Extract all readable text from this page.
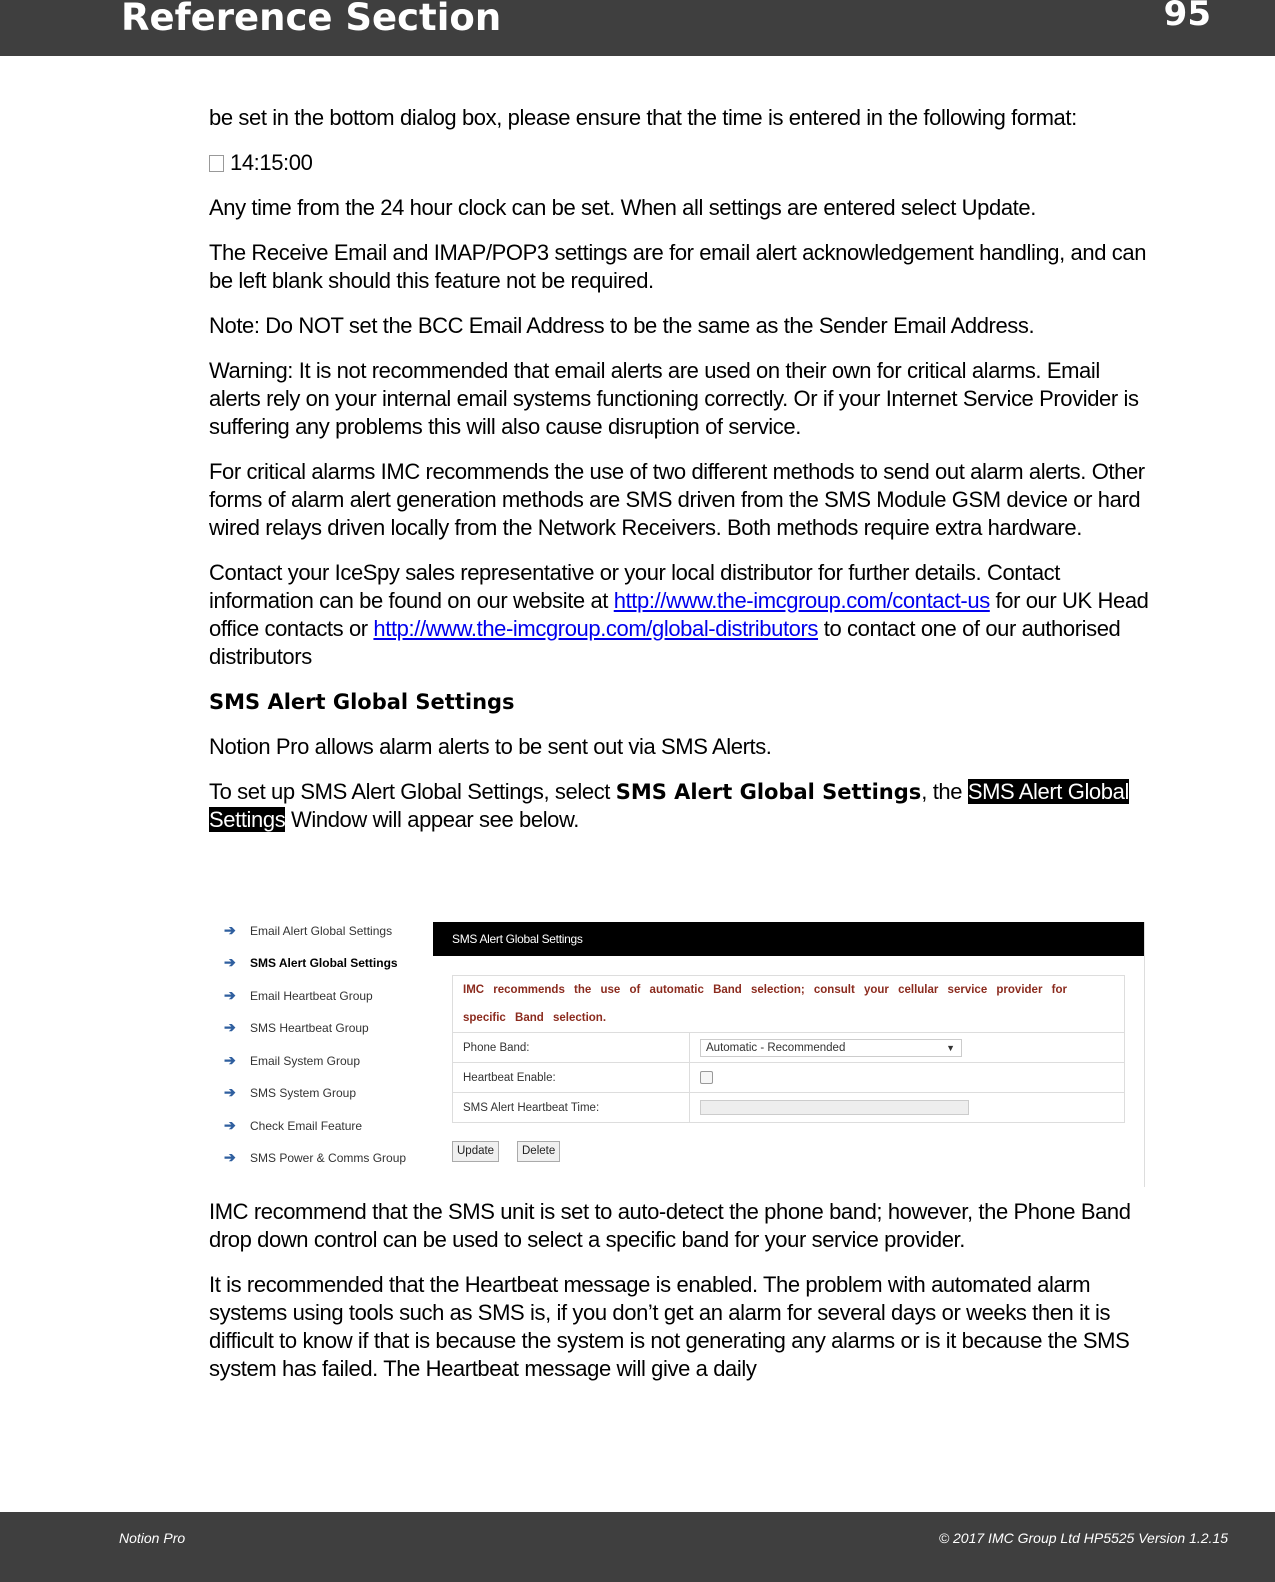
Reference Section	95

be set in the bottom dialog box, please ensure that the time is entered in the following format:

14:15:00

Any time from the 24 hour clock can be set. When all settings are entered select Update.

The Receive Email and IMAP/POP3 settings are for email alert acknowledgement handling, and can be left blank should this feature not be required.

Note: Do NOT set the BCC Email Address to be the same as the Sender Email Address.

Warning: It is not recommended that email alerts are used on their own for critical alarms. Email alerts rely on your internal email systems functioning correctly. Or if your Internet Service Provider is suffering any problems this will also cause disruption of service.

For critical alarms IMC recommends the use of two different methods to send out alarm alerts. Other forms of alarm alert generation methods are SMS driven from the SMS Module GSM device or hard wired relays driven locally from the Network Receivers. Both methods require extra hardware.

Contact your IceSpy sales representative or your local distributor for further details. Contact information can be found on our website at http://www.the-imcgroup.com/contact-us for our UK Head office contacts or http://www.the-imcgroup.com/global-distributors to contact one of our authorised distributors

SMS Alert Global Settings

Notion Pro allows alarm alerts to be sent out via SMS Alerts.

To set up SMS Alert Global Settings, select SMS Alert Global Settings, the SMS Alert Global Settings Window will appear see below.

➔ Email Alert Global Settings
➔ SMS Alert Global Settings
➔ Email Heartbeat Group
➔ SMS Heartbeat Group
➔ Email System Group
➔ SMS System Group
➔ Check Email Feature
➔ SMS Power & Comms Group
SMS Alert Global Settings
IMC recommends the use of automatic Band selection; consult your cellular service provider for specific Band selection.	
Phone Band:	Automatic - Recommended ▼

Heartbeat Enable:	
SMS Alert Heartbeat Time:	
Update	Delete

IMC recommend that the SMS unit is set to auto-detect the phone band; however, the Phone Band drop down control can be used to select a specific band for your service provider.

It is recommended that the Heartbeat message is enabled. The problem with automated alarm systems using tools such as SMS is, if you don’t get an alarm for several days or weeks then it is difficult to know if that is because the system is not generating any alarms or is it because the SMS system has failed. The Heartbeat message will give a daily

Notion Pro	© 2017 IMC Group Ltd HP5525 Version 1.2.15
